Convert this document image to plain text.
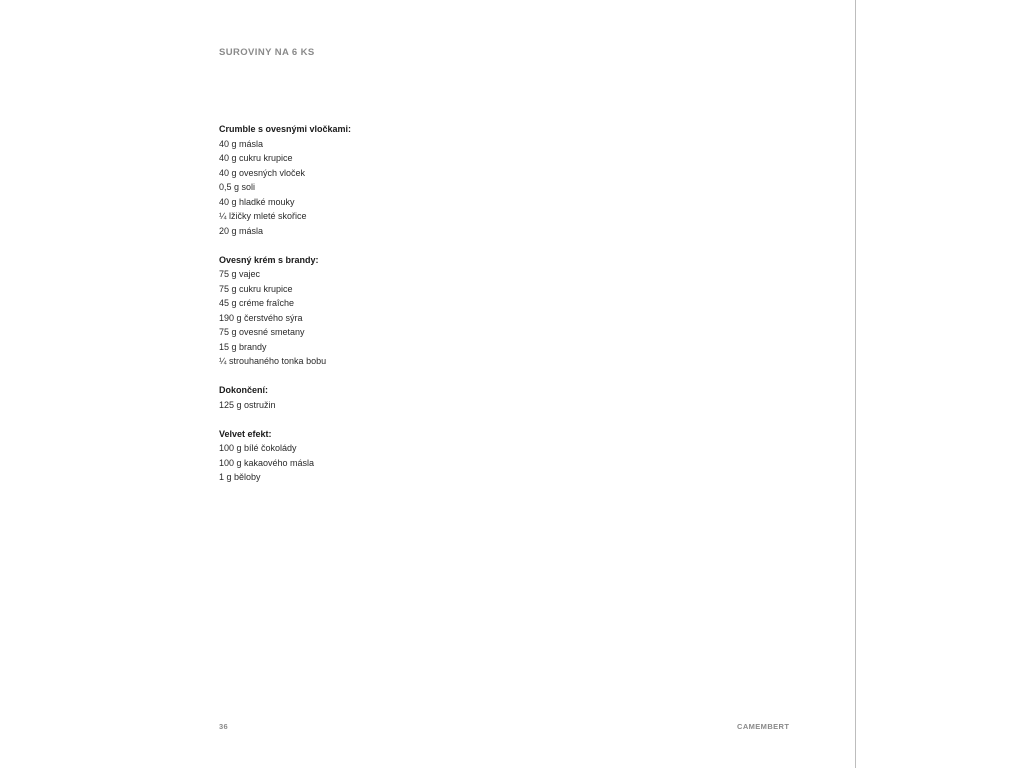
SUROVINY NA 6 KS
Crumble s ovesnými vločkami:
40 g másla
40 g cukru krupice
40 g ovesných vloček
0,5 g soli
40 g hladké mouky
¼ lžičky mleté skořice
20 g másla
Ovesný krém s brandy:
75 g vajec
75 g cukru krupice
45 g créme fraîche
190 g čerstvého sýra
75 g ovesné smetany
15 g brandy
¼ strouhaného tonka bobu
Dokončení:
125 g ostružin
Velvet efekt:
100 g bílé čokolády
100 g kakaového másla
1 g běloby
36	CAMEMBERT
